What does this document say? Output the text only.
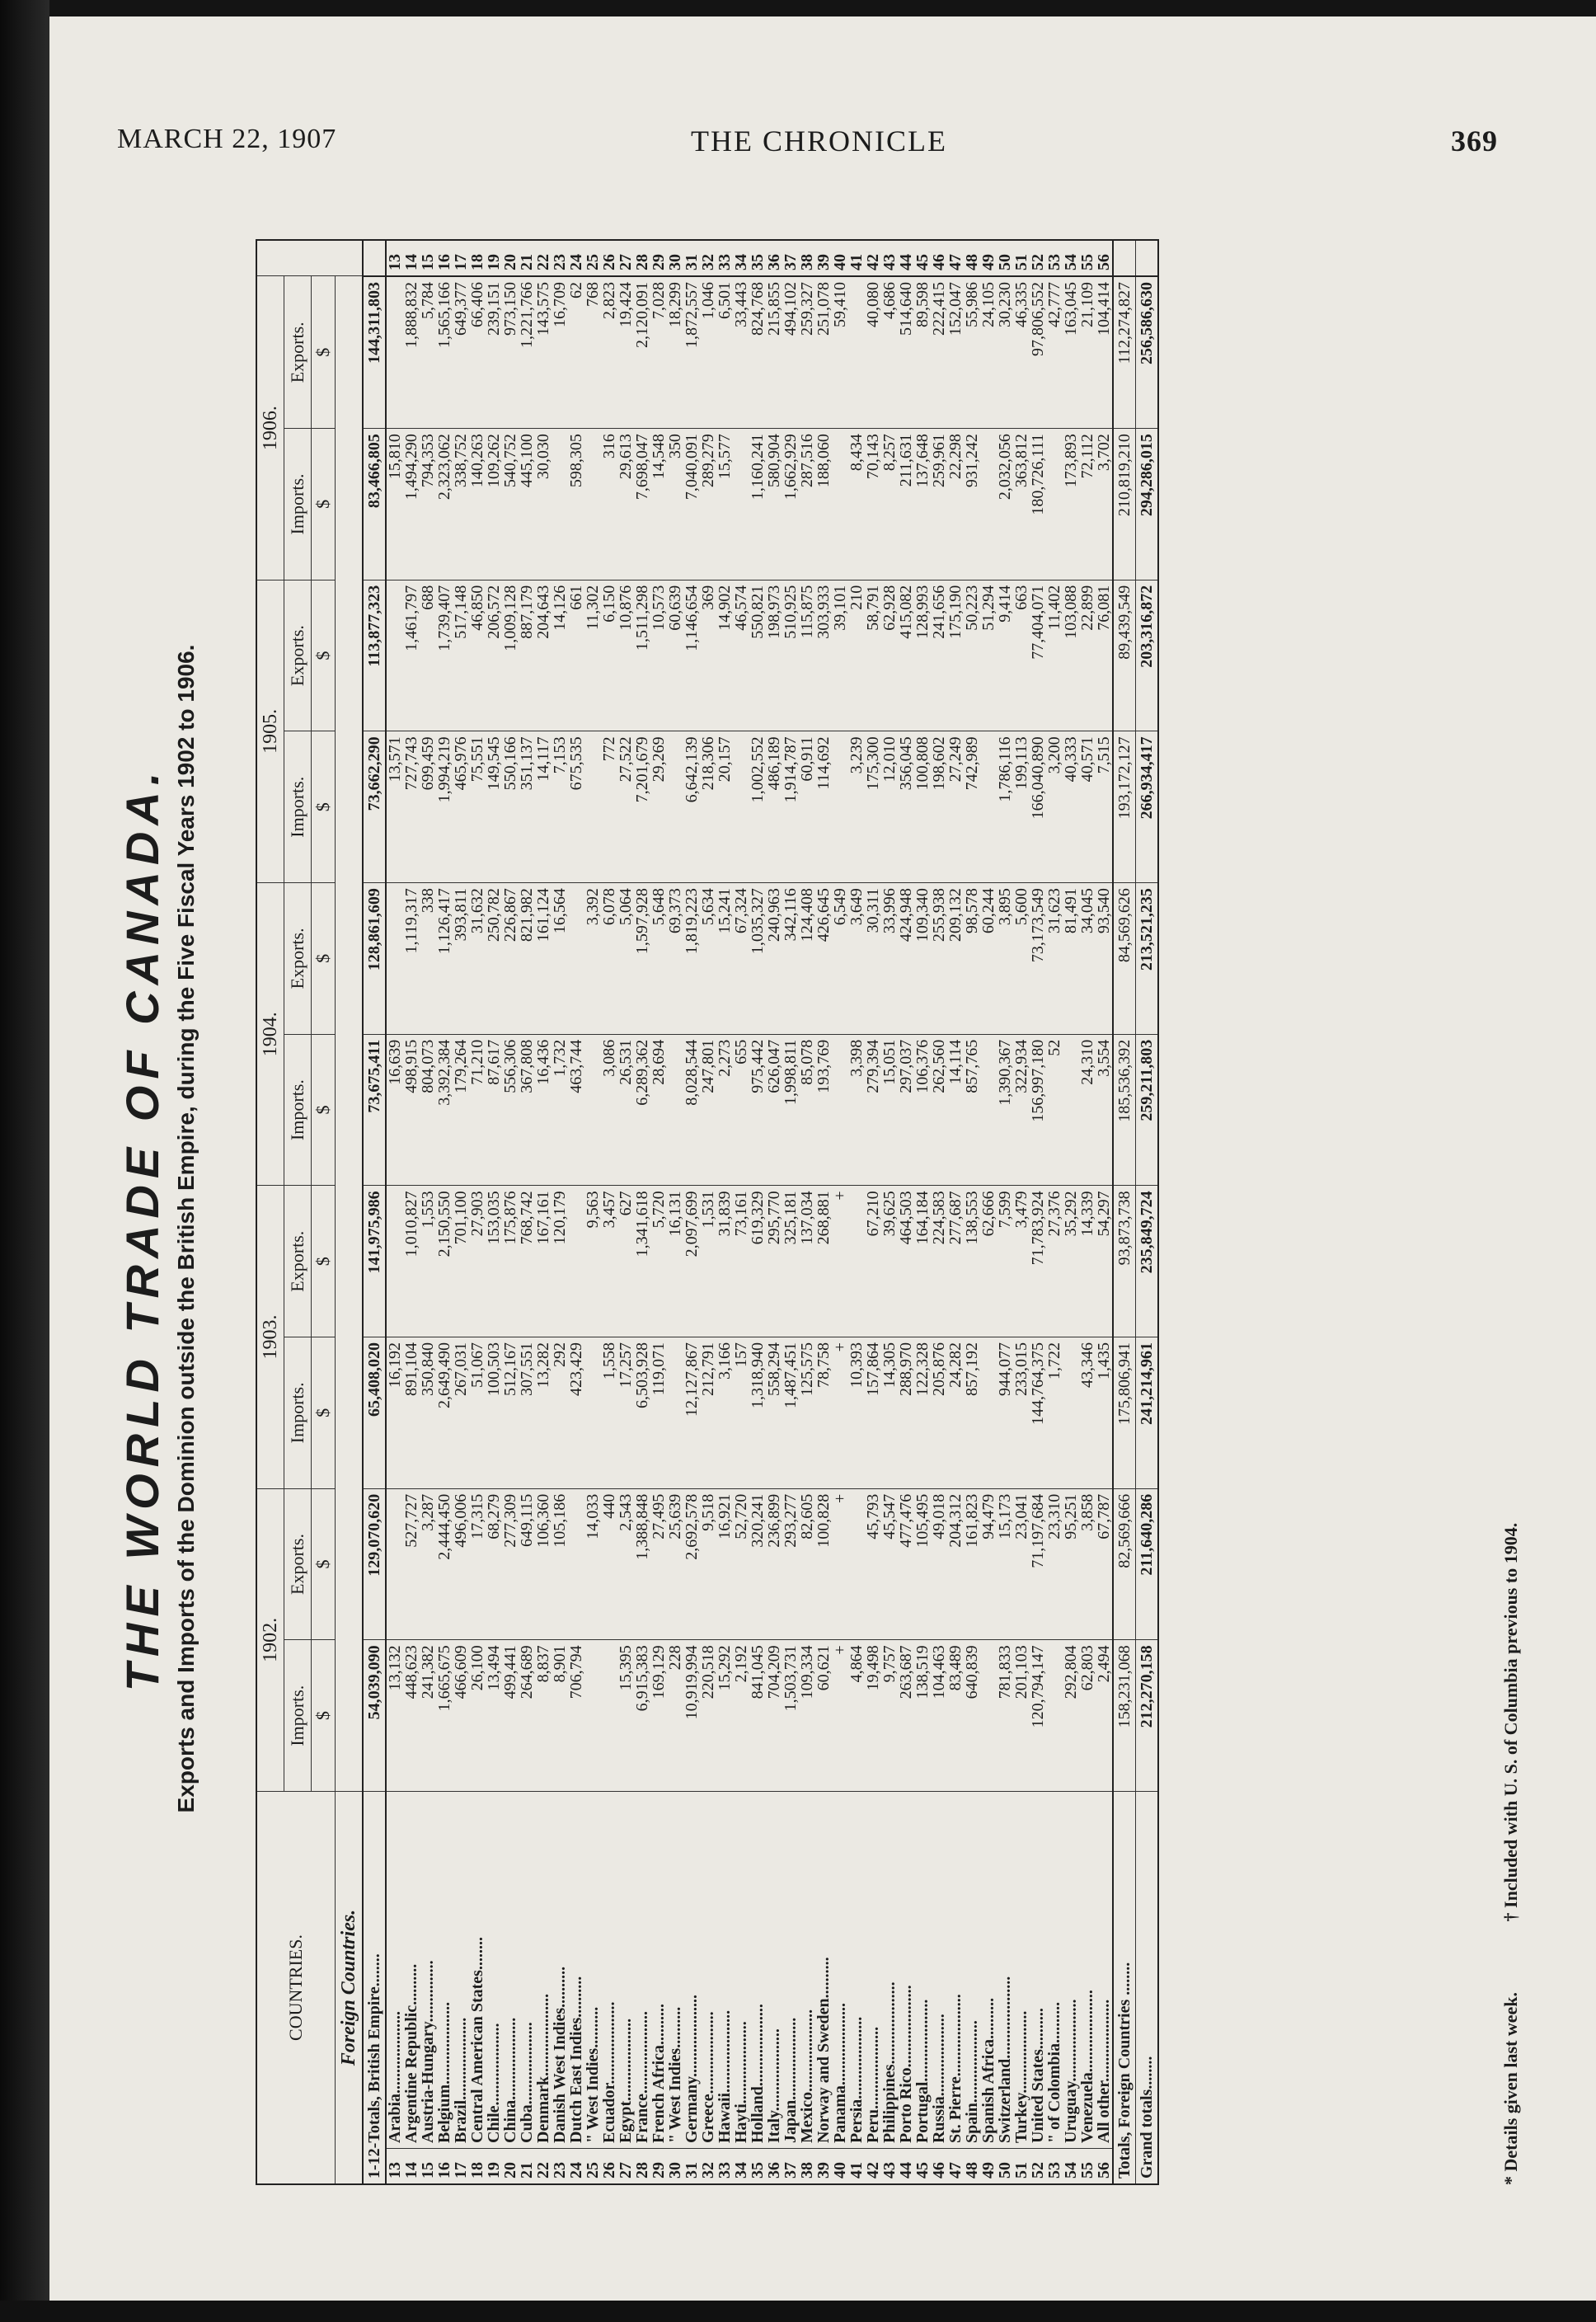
MARCH 22, 1907	THE CHRONICLE	369
THE WORLD TRADE OF CANADA. Exports and Imports of the Dominion outside the British Empire, during the Five Fiscal Years 1902 to 1906.
COUNTRIES.		1902.		1903.		1904.		1905.		1906.		
		Imports.	Exports.	Imports.	Exports.	Imports.	Exports.	Imports.	Exports.	Imports.	Exports.	
		$	$	$	$	$	$	$	$	$	$	
Foreign Countries.												
1-12-Totals, British Empire........		54,039,090	129,070,620	65,408,020	141,975,986	73,675,411	128,861,609	73,662,290	113,877,323	83,466,805	144,311,803	
13	Arabia....................	13,132		16,192		16,639		13,571		15,810		13
14	Argentine Republic..........	448,623	527,727	891,104	1,010,827	498,915	1,119,317	727,743	1,461,797	1,494,290	1,888,832	14
15	Austria-Hungary...............	241,382	3,287	350,840	1,553	804,073	338	699,459	688	794,353	5,784	15
16	Belgium....................	1,665,675	2,444,450	2,649,490	2,150,550	3,392,384	1,126,417	1,994,219	1,739,407	2,323,062	1,565,166	16
17	Brazil....................	466,609	496,006	267,031	701,100	179,264	393,811	465,976	517,148	338,752	649,377	17
18	Central American States........	26,100	17,315	51,067	27,903	71,210	31,632	75,551	46,850	140,263	66,406	18
19	Chile....................	13,494	68,279	100,503	153,035	87,617	250,782	149,545	206,572	109,262	239,151	19
20	China....................	499,441	277,309	512,167	175,876	556,306	226,867	550,166	1,009,128	540,752	973,150	20
21	Cuba....................	264,689	649,115	307,551	768,742	367,808	821,982	351,137	887,179	445,100	1,221,766	21
22	Denmark....................	8,837	106,360	13,282	167,161	16,436	161,124	14,117	204,643	30,030	143,575	22
23	Danish West Indies..........	8,901	105,186	292	120,179	1,732	16,564	7,153	14,126		16,709	23
24	Dutch East Indies..........	706,794		423,429		463,744		675,535	661	598,305	62	24
25	" West Indies..........		14,033		9,563		3,392		11,302		768	25
26	Ecuador....................		440	1,558	3,457	3,086	6,078	772	6,150	316	2,823	26
27	Egypt....................	15,395	2,543	17,257	627	26,531	5,064	27,522	10,876	29,613	19,424	27
28	France....................	6,915,383	1,388,848	6,503,928	1,341,618	6,289,362	1,597,928	7,201,679	1,511,298	7,698,047	2,120,091	28
29	French Africa..........	169,129	27,495	119,071	5,720	28,694	5,648	29,269	10,573	14,548	7,028	29
30	" West Indies..........	228	25,639		16,131		69,373		60,639	350	18,299	30
31	Germany....................	10,919,994	2,692,578	12,127,867	2,097,699	8,028,544	1,819,223	6,642,139	1,146,654	7,040,091	1,872,557	31
32	Greece....................	220,518	9,518	212,791	1,531	247,801	5,634	218,306	369	289,279	1,046	32
33	Hawaii....................	15,292	16,921	3,166	31,839	2,273	15,241	20,157	14,902	15,577	6,501	33
34	Hayti....................	2,192	52,720	157	73,161	655	67,324		46,574		33,443	34
35	Holland....................	841,045	320,241	1,318,940	619,329	975,442	1,035,327	1,002,552	550,821	1,160,241	824,768	35
36	Italy....................	704,209	236,899	558,294	295,770	626,047	240,963	486,189	198,973	580,904	215,855	36
37	Japan....................	1,503,731	293,277	1,487,451	325,181	1,998,811	342,116	1,914,787	510,925	1,662,929	494,102	37
38	Mexico....................	109,334	82,605	125,575	137,034	85,078	124,408	60,911	115,875	287,516	259,327	38
39	Norway and Sweden..........	60,621	100,828	78,758	268,881	193,769	426,645	114,692	303,933	188,060	251,078	39
40	Panama....................	+	+	+	+		6,549		39,101		59,410	40
41	Persia....................	4,864		10,393		3,398	3,649	3,239	210	8,434		41
42	Peru....................	19,498	45,793	157,864	67,210	279,394	30,311	175,300	58,791	70,143	40,080	42
43	Philippines....................	9,757	45,547	14,305	39,625	15,051	33,996	12,010	62,928	8,257	4,686	43
44	Porto Rico....................	263,687	477,476	288,970	464,503	297,037	424,948	356,045	415,082	211,631	514,640	44
45	Portugal....................	138,519	105,495	122,328	164,184	106,376	109,340	100,808	128,993	137,648	89,598	45
46	Russia....................	104,463	49,018	205,876	224,583	262,560	255,938	198,602	241,656	259,961	222,415	46
47	St. Pierre....................	83,489	204,312	24,282	277,687	14,114	209,132	27,249	175,190	22,298	152,047	47
48	Spain....................	640,839	161,823	857,192	138,553	857,765	98,578	742,989	50,223	931,242	55,986	48
49	Spanish Africa..........		94,479		62,666		60,244		51,294		24,105	49
50	Switzerland....................	781,833	15,173	944,077	7,599	1,390,367	3,895	1,786,116	9,414	2,032,056	30,230	50
51	Turkey....................	201,103	23,041	233,015	3,479	322,934	5,600	199,113	663	363,812	46,335	51
52	United States..........	120,794,147	71,197,684	144,764,375	71,783,924	156,997,180	73,173,549	166,040,890	77,404,071	180,726,111	97,806,552	52
53	" of Colombia..........		23,310	1,722	27,376	52	31,623	3,200	11,402		42,777	53
54	Uruguay....................	292,804	95,251		35,292		81,491	40,333	103,088	173,893	163,045	54
55	Venezuela....................	62,803	3,858	43,346	14,339	24,310	34,045	40,571	22,899	72,112	21,109	55
56	All other....................	2,494	67,787	1,435	54,297	3,554	93,540	7,515	76,081	3,702	104,414	56
Totals, Foreign Countries ........		158,231,068	82,569,666	175,806,941	93,873,738	185,536,392	84,569,626	193,172,127	89,439,549	210,819,210	112,274,827	
Grand totals........		212,270,158	211,640,286	241,214,961	235,849,724	259,211,803	213,521,235	266,934,417	203,316,872	294,286,015	256,586,630	
* Details given last week. † Included with U. S. of Columbia previous to 1904.
